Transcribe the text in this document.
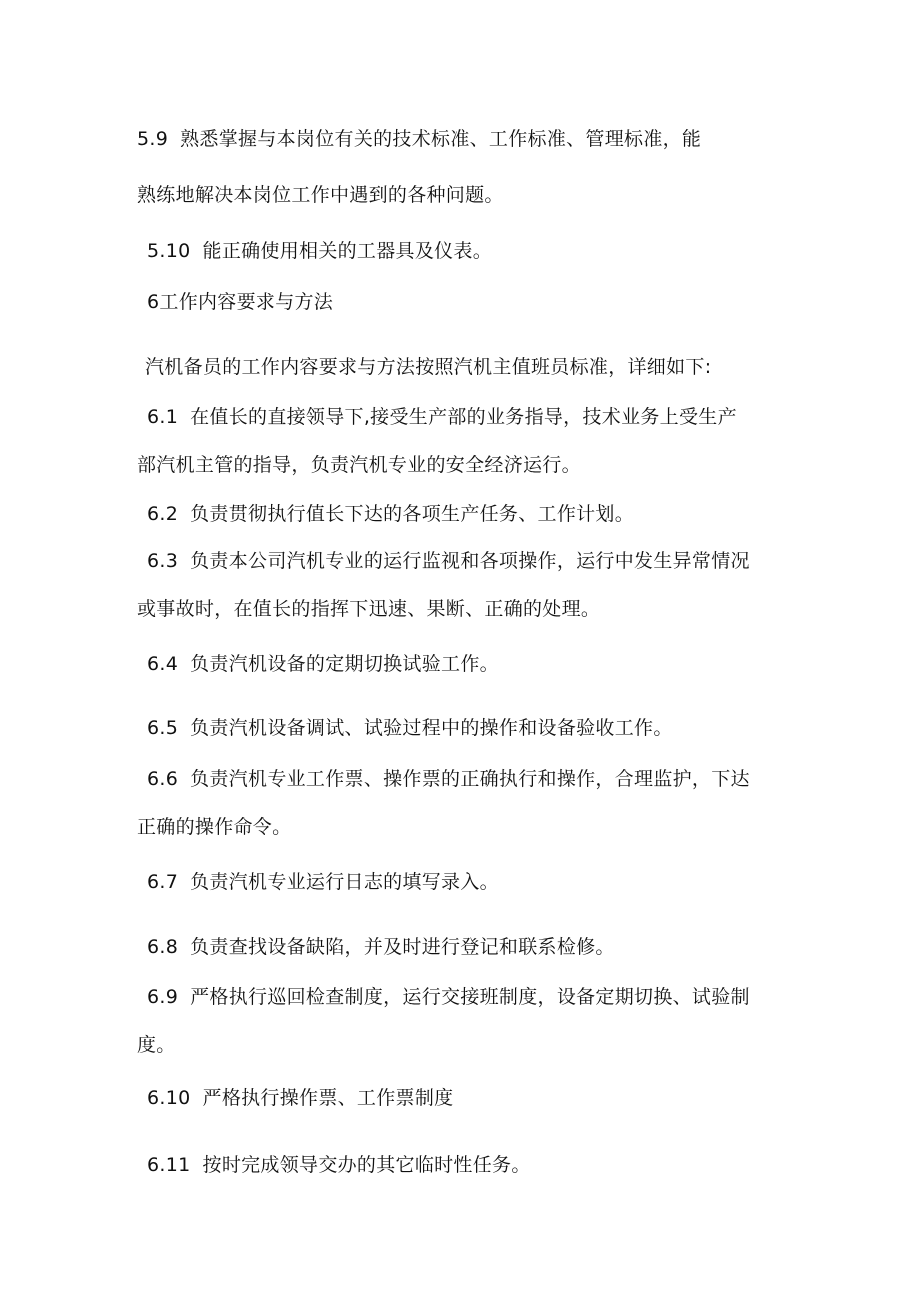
5.9 熟悉掌握与本岗位有关的技术标准、工作标准、管理标准，能
熟练地解决本岗位工作中遇到的各种问题。
5.10 能正确使用相关的工器具及仪表。
6工作内容要求与方法
汽机备员的工作内容要求与方法按照汽机主值班员标准，详细如下:
6.1 在值长的直接领导下,接受生产部的业务指导，技术业务上受生产
部汽机主管的指导，负责汽机专业的安全经济运行。
6.2 负责贯彻执行值长下达的各项生产任务、工作计划。
6.3 负责本公司汽机专业的运行监视和各项操作，运行中发生异常情况
或事故时，在值长的指挥下迅速、果断、正确的处理。
6.4 负责汽机设备的定期切换试验工作。
6.5 负责汽机设备调试、试验过程中的操作和设备验收工作。
6.6 负责汽机专业工作票、操作票的正确执行和操作，合理监护，下达
正确的操作命令。
6.7 负责汽机专业运行日志的填写录入。
6.8 负责查找设备缺陷，并及时进行登记和联系检修。
6.9 严格执行巡回检查制度，运行交接班制度，设备定期切换、试验制
度。
6.10 严格执行操作票、工作票制度
6.11 按时完成领导交办的其它临时性任务。
